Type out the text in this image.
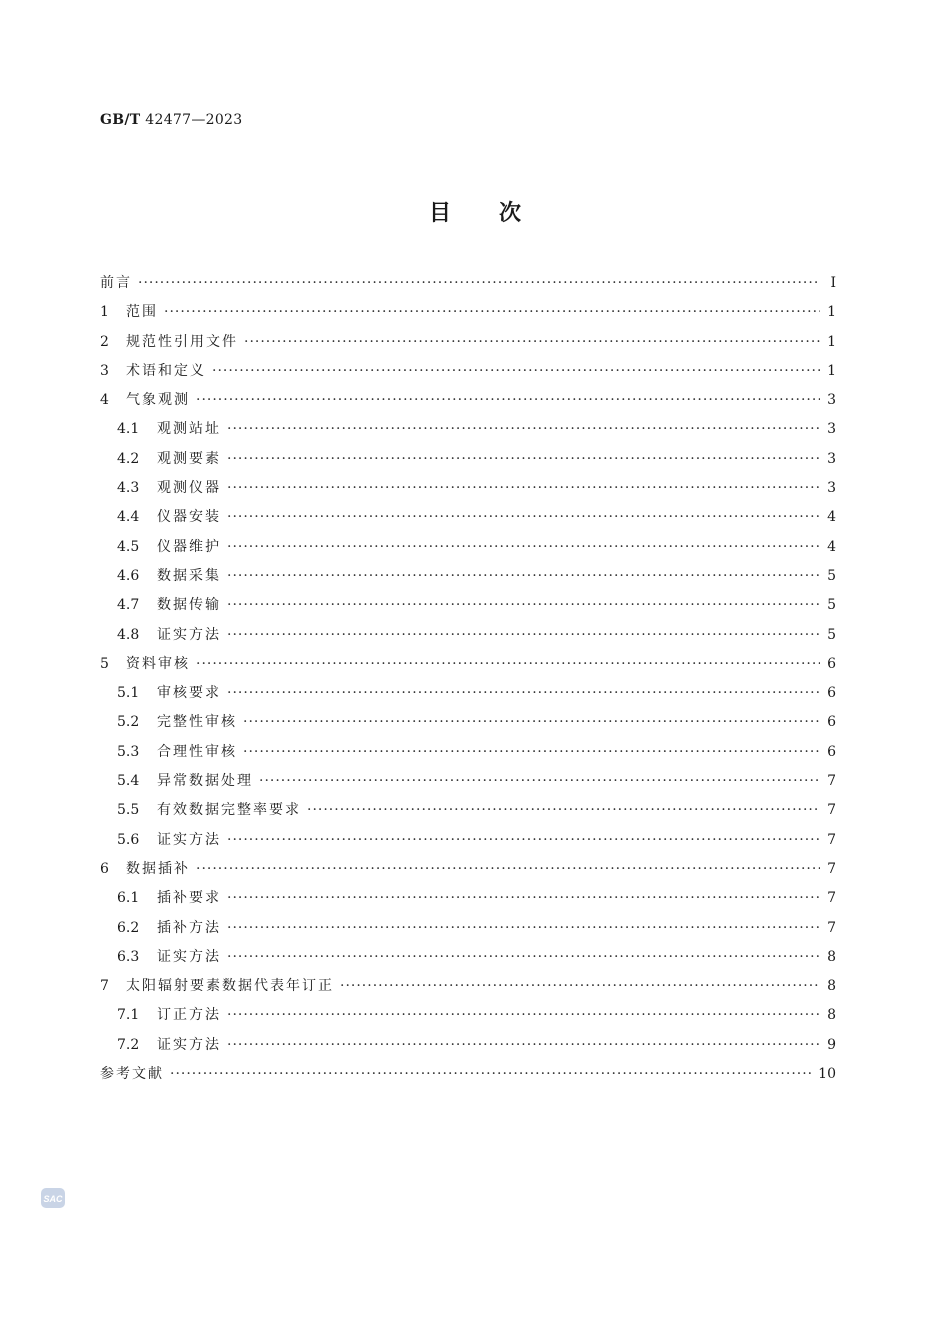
GB/T 42477—2023
目 次
前言 ·····	Ⅰ
1	范围 ·····	1
2	规范性引用文件 ·····	1
3	术语和定义 ·····	1
4	气象观测 ·····	3
4.1	观测站址 ·····	3
4.2	观测要素 ·····	3
4.3	观测仪器 ·····	3
4.4	仪器安装 ·····	4
4.5	仪器维护 ·····	4
4.6	数据采集 ·····	5
4.7	数据传输 ·····	5
4.8	证实方法 ·····	5
5	资料审核 ·····	6
5.1	审核要求 ·····	6
5.2	完整性审核 ·····	6
5.3	合理性审核 ·····	6
5.4	异常数据处理 ·····	7
5.5	有效数据完整率要求 ·····	7
5.6	证实方法 ·····	7
6	数据插补 ·····	7
6.1	插补要求 ·····	7
6.2	插补方法 ·····	7
6.3	证实方法 ·····	8
7	太阳辐射要素数据代表年订正 ·····	8
7.1	订正方法 ·····	8
7.2	证实方法 ·····	9
参考文献 ·····	10
SAC
